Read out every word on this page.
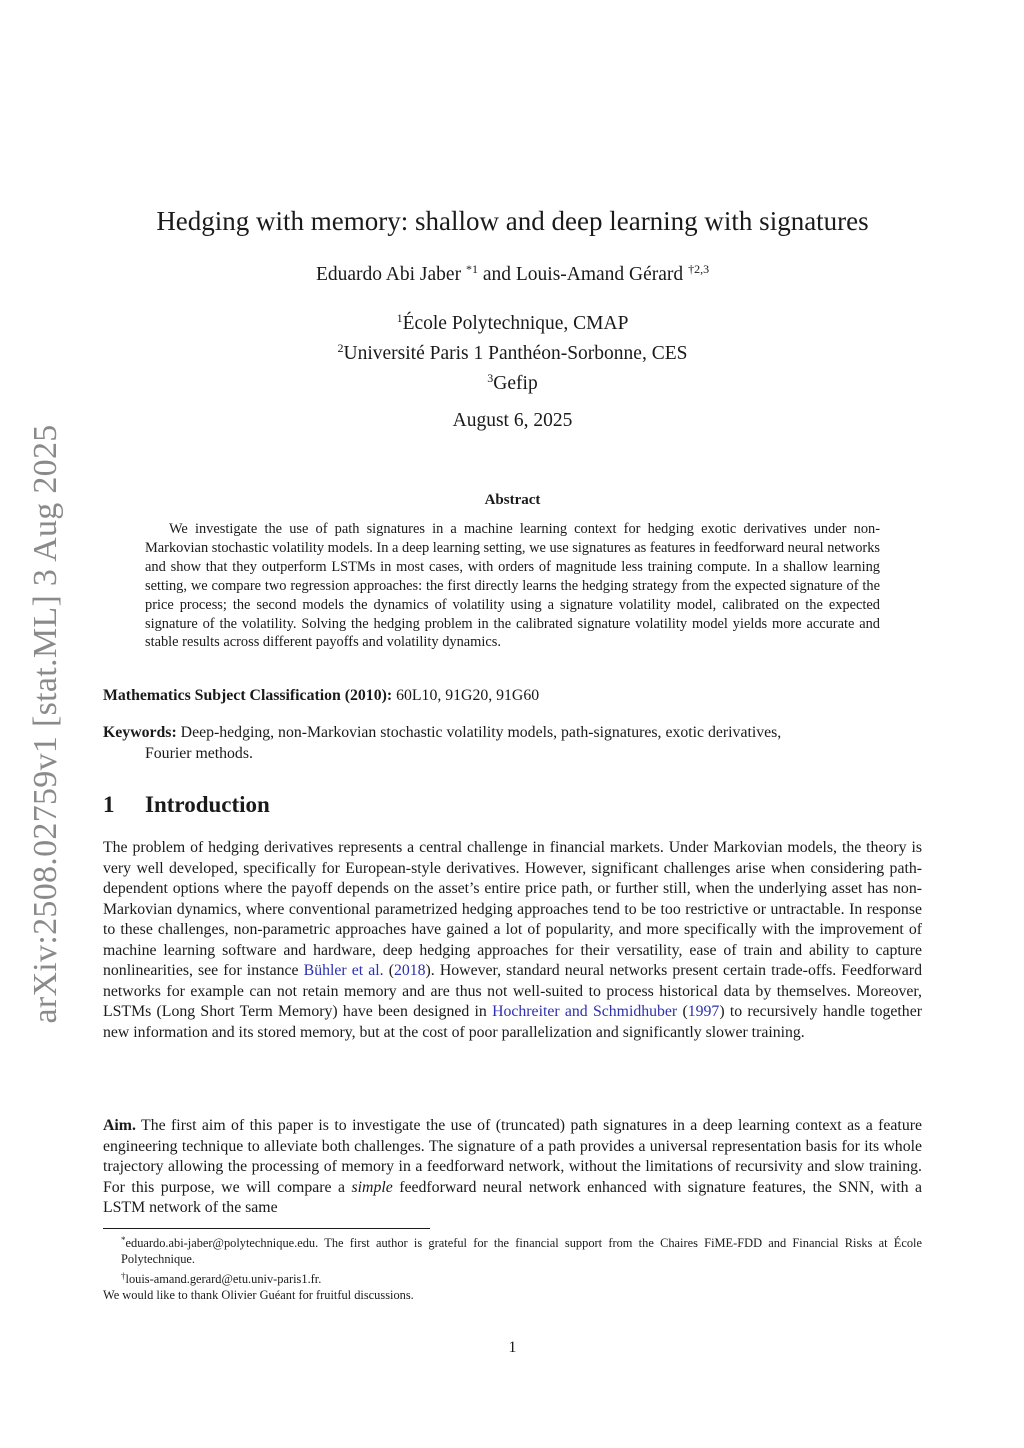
arXiv:2508.02759v1 [stat.ML] 3 Aug 2025
Hedging with memory: shallow and deep learning with signatures
Eduardo Abi Jaber $^{*1}$ and Louis-Amand Gérard $^{\dagger 2,3}$
$^1$École Polytechnique, CMAP
$^2$Université Paris 1 Panthéon-Sorbonne, CES
$^3$Gefip
August 6, 2025
Abstract

We investigate the use of path signatures in a machine learning context for hedging exotic derivatives under non-Markovian stochastic volatility models. In a deep learning setting, we use signatures as features in feedforward neural networks and show that they outperform LSTMs in most cases, with orders of magnitude less training compute. In a shallow learning setting, we compare two regression approaches: the first directly learns the hedging strategy from the expected signature of the price process; the second models the dynamics of volatility using a signature volatility model, calibrated on the expected signature of the volatility. Solving the hedging problem in the calibrated signature volatility model yields more accurate and stable results across different payoffs and volatility dynamics.

Mathematics Subject Classification (2010): 60L10, 91G20, 91G60
Keywords: Deep-hedging, non-Markovian stochastic volatility models, path-signatures, exotic derivatives,
Fourier methods.
1 Introduction

The problem of hedging derivatives represents a central challenge in financial markets. Under Markovian models, the theory is very well developed, specifically for European-style derivatives. However, significant challenges arise when considering path-dependent options where the payoff depends on the asset’s entire price path, or further still, when the underlying asset has non-Markovian dynamics, where conventional parametrized hedging approaches tend to be too restrictive or untractable. In response to these challenges, non-parametric approaches have gained a lot of popularity, and more specifically with the improvement of machine learning software and hardware, deep hedging approaches for their versatility, ease of train and ability to capture nonlinearities, see for instance Bühler et al. (2018). However, standard neural networks present certain trade-offs. Feedforward networks for example can not retain memory and are thus not well-suited to process historical data by themselves. Moreover, LSTMs (Long Short Term Memory) have been designed in Hochreiter and Schmidhuber (1997) to recursively handle together new information and its stored memory, but at the cost of poor parallelization and significantly slower training.

Aim. The first aim of this paper is to investigate the use of (truncated) path signatures in a deep learning context as a feature engineering technique to alleviate both challenges. The signature of a path provides a universal representation basis for its whole trajectory allowing the processing of memory in a feedforward network, without the limitations of recursivity and slow training. For this purpose, we will compare a simple feedforward neural network enhanced with signature features, the SNN, with a LSTM network of the same

*eduardo.abi-jaber@polytechnique.edu. The first author is grateful for the financial support from the Chaires FiME-FDD and Financial Risks at École Polytechnique.

†louis-amand.gerard@etu.univ-paris1.fr.

We would like to thank Olivier Guéant for fruitful discussions.

1
